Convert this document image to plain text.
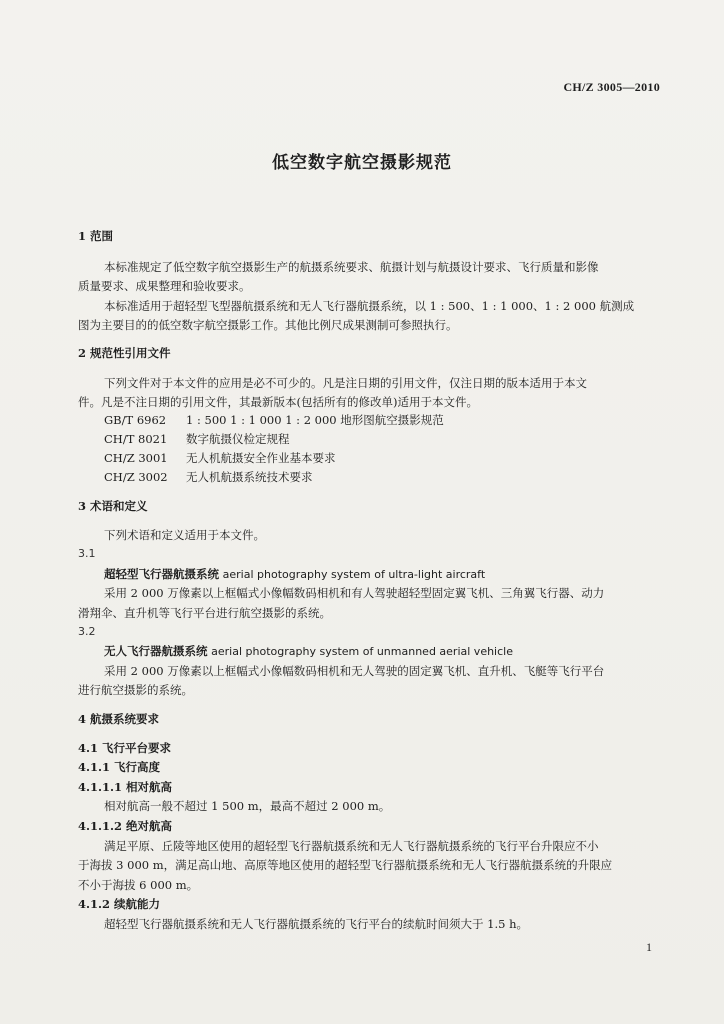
CH/Z 3005—2010
低空数字航空摄影规范
1 范围
本标准规定了低空数字航空摄影生产的航摄系统要求、航摄计划与航摄设计要求、飞行质量和影像
质量要求、成果整理和验收要求。
本标准适用于超轻型飞型器航摄系统和无人飞行器航摄系统，以 1 : 500、1 : 1 000、1 : 2 000 航测成
图为主要目的的低空数字航空摄影工作。其他比例尺成果测制可参照执行。
2 规范性引用文件
下列文件对于本文件的应用是必不可少的。凡是注日期的引用文件，仅注日期的版本适用于本文
件。凡是不注日期的引用文件，其最新版本(包括所有的修改单)适用于本文件。
GB/T 6962 1 : 500 1 : 1 000 1 : 2 000 地形图航空摄影规范
CH/T 8021 数字航摄仪检定规程
CH/Z 3001 无人机航摄安全作业基本要求
CH/Z 3002 无人机航摄系统技术要求
3 术语和定义
下列术语和定义适用于本文件。
3.1
超轻型飞行器航摄系统 aerial photography system of ultra-light aircraft
采用 2 000 万像素以上框幅式小像幅数码相机和有人驾驶超轻型固定翼飞机、三角翼飞行器、动力
滑翔伞、直升机等飞行平台进行航空摄影的系统。
3.2
无人飞行器航摄系统 aerial photography system of unmanned aerial vehicle
采用 2 000 万像素以上框幅式小像幅数码相机和无人驾驶的固定翼飞机、直升机、飞艇等飞行平台
进行航空摄影的系统。
4 航摄系统要求
4.1 飞行平台要求
4.1.1 飞行高度
4.1.1.1 相对航高
相对航高一般不超过 1 500 m，最高不超过 2 000 m。
4.1.1.2 绝对航高
满足平原、丘陵等地区使用的超轻型飞行器航摄系统和无人飞行器航摄系统的飞行平台升限应不小
于海拔 3 000 m，满足高山地、高原等地区使用的超轻型飞行器航摄系统和无人飞行器航摄系统的升限应
不小于海拔 6 000 m。
4.1.2 续航能力
超轻型飞行器航摄系统和无人飞行器航摄系统的飞行平台的续航时间须大于 1.5 h。
1
